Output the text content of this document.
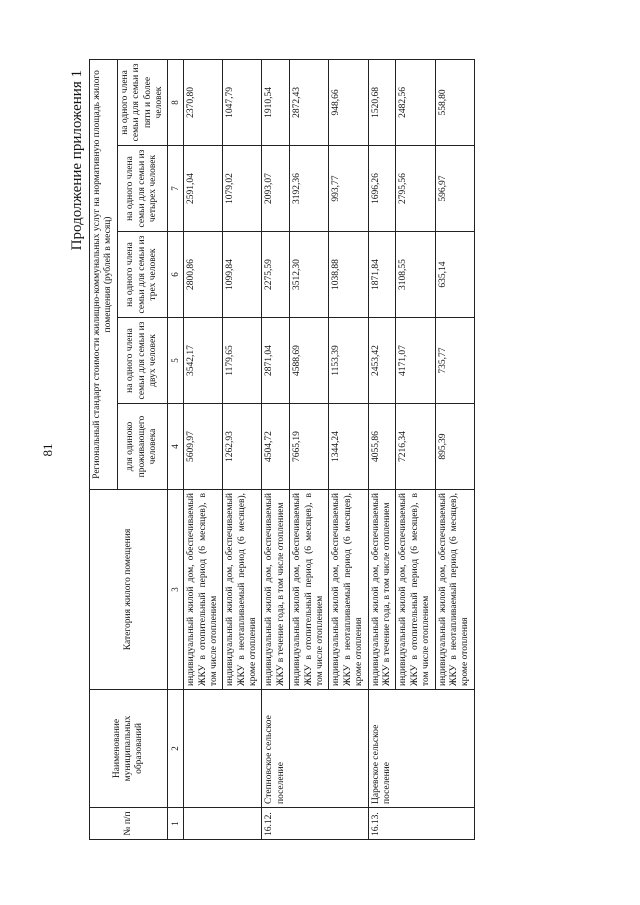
81
Продолжение приложения 1
№ п/п	Наименование муниципальных образований	Категория жилого помещения	Региональный стандарт стоимости жилищно-коммунальных услуг на нормативную площадь жилого помещения (рублей в месяц)				
			для одиноко проживающего человека	на одного члена семьи для семьи из двух человек	на одного члена семьи для семьи из трех человек	на одного члена семьи для семьи из четырех человек	на одного члена семьи для семьи из пяти и более человек
1	2	3	4	5	6	7	8
		индивидуальный жилой дом, обеспечиваемый ЖКУ в отопительный период (6 месяцев), в том числе отоплением	5609,97	3542,17	2800,86	2591,04	2370,80
		индивидуальный жилой дом, обеспечиваемый ЖКУ в неотапливаемый период (6 месяцев), кроме отопления	1262,93	1179,65	1099,84	1079,02	1047,79
16.12.	Степновское сельское поселение	индивидуальный жилой дом, обеспечиваемый ЖКУ в течение года, в том числе отоплением	4504,72	2871,04	2275,59	2093,07	1910,54
		индивидуальный жилой дом, обеспечиваемый ЖКУ в отопительный период (6 месяцев), в том числе отоплением	7665,19	4588,69	3512,30	3192,36	2872,43
		индивидуальный жилой дом, обеспечиваемый ЖКУ в неотапливаемый период (6 месяцев), кроме отопления	1344,24	1153,39	1038,88	993,77	948,66
16.13.	Царевское сельское поселение	индивидуальный жилой дом, обеспечиваемый ЖКУ в течение года, в том числе отоплением	4055,86	2453,42	1871,84	1696,26	1520,68
		индивидуальный жилой дом, обеспечиваемый ЖКУ в отопительный период (6 месяцев), в том числе отоплением	7216,34	4171,07	3108,55	2795,56	2482,56
		индивидуальный жилой дом, обеспечиваемый ЖКУ в неотапливаемый период (6 месяцев), кроме отопления	895,39	735,77	635,14	596,97	558,80
